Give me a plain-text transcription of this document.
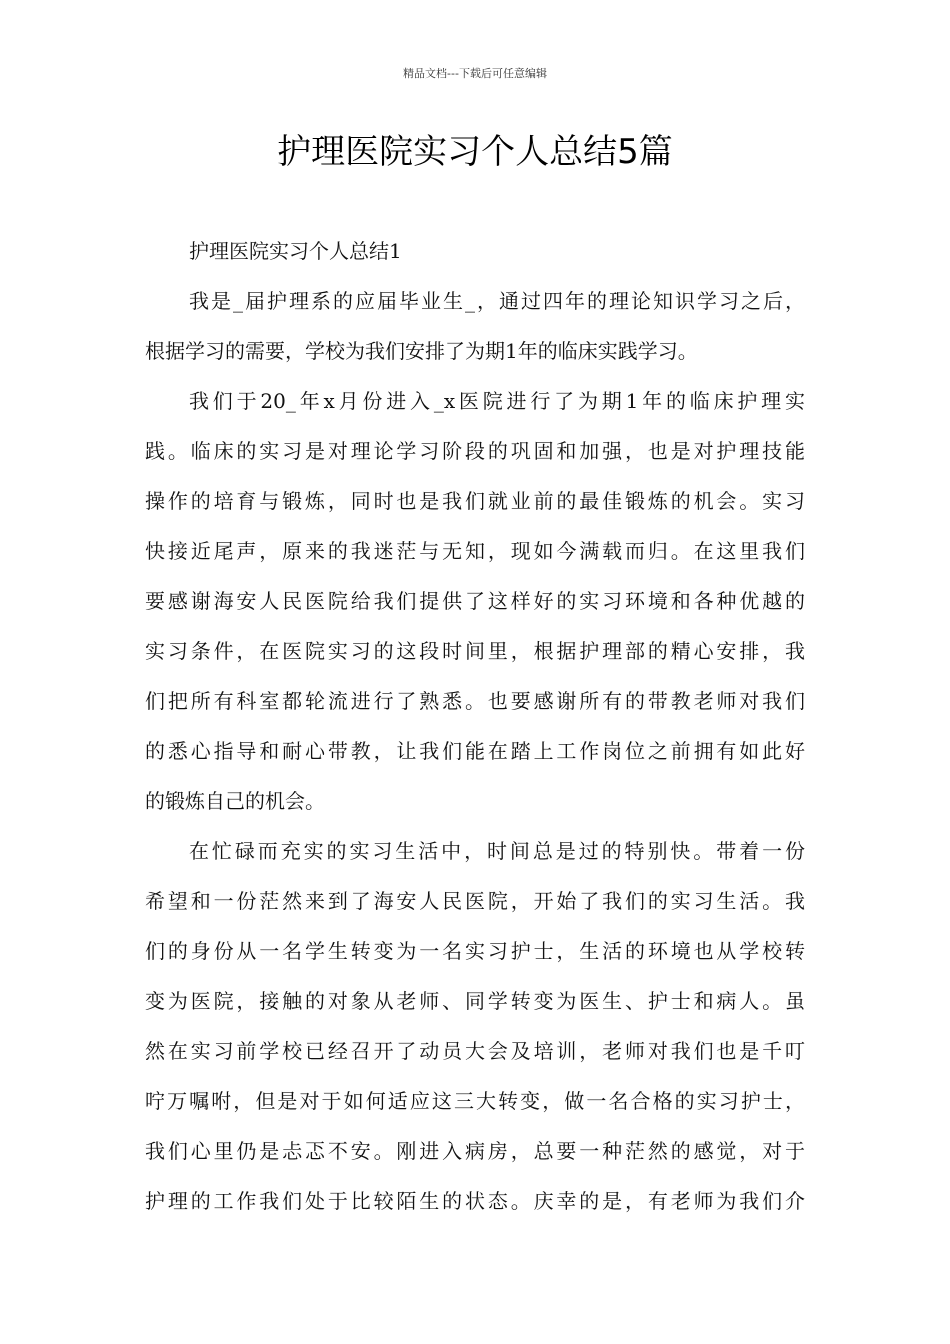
精品文档---下载后可任意编辑
护理医院实习个人总结5篇
护理医院实习个人总结1
我是_届护理系的应届毕业生_，通过四年的理论知识学习之后，
根据学习的需要，学校为我们安排了为期1年的临床实践学习。
我们于20_年x月份进入_x医院进行了为期1年的临床护理实
践。临床的实习是对理论学习阶段的巩固和加强，也是对护理技能
操作的培育与锻炼，同时也是我们就业前的最佳锻炼的机会。实习
快接近尾声，原来的我迷茫与无知，现如今满载而归。在这里我们
要感谢海安人民医院给我们提供了这样好的实习环境和各种优越的
实习条件，在医院实习的这段时间里，根据护理部的精心安排，我
们把所有科室都轮流进行了熟悉。也要感谢所有的带教老师对我们
的悉心指导和耐心带教，让我们能在踏上工作岗位之前拥有如此好
的锻炼自己的机会。
在忙碌而充实的实习生活中，时间总是过的特别快。带着一份
希望和一份茫然来到了海安人民医院，开始了我们的实习生活。我
们的身份从一名学生转变为一名实习护士，生活的环境也从学校转
变为医院，接触的对象从老师、同学转变为医生、护士和病人。虽
然在实习前学校已经召开了动员大会及培训，老师对我们也是千叮
咛万嘱咐，但是对于如何适应这三大转变，做一名合格的实习护士，
我们心里仍是忐忑不安。刚进入病房，总要一种茫然的感觉，对于
护理的工作我们处于比较陌生的状态。庆幸的是，有老师为我们介
